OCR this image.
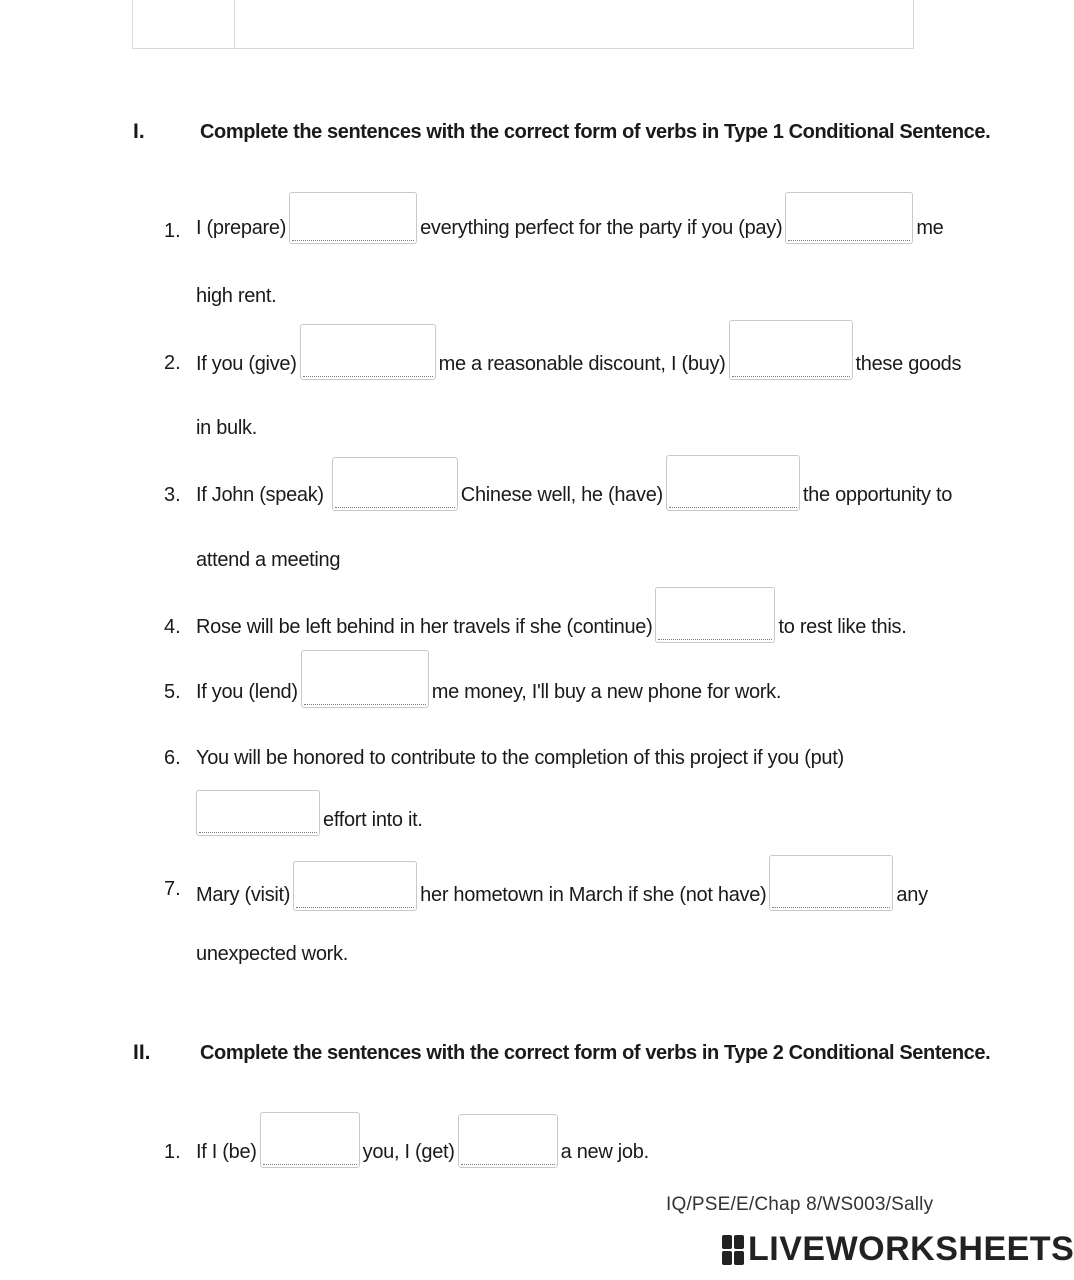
I.	Complete the sentences with the correct form of verbs in Type 1 Conditional Sentence.
1. I (prepare)	everything perfect for the party if you (pay)	me
high rent.
2. If you (give)	me a reasonable discount, I (buy)	these goods
in bulk.
3. If John (speak)	Chinese well, he (have)	the opportunity to
attend a meeting
4. Rose will be left behind in her travels if she (continue)	to rest like this.
5. If you (lend)	me money, I'll buy a new phone for work.
6. You will be honored to contribute to the completion of this project if you (put)
effort into it.
7. Mary (visit)	her hometown in March if she (not have)	any
unexpected work.
II. Complete the sentences with the correct form of verbs in Type 2 Conditional Sentence.
1. If I (be)	you, I (get)	a new job.
IQ/PSE/E/Chap 8/WS003/Sally
LIVEWORKSHEETS
